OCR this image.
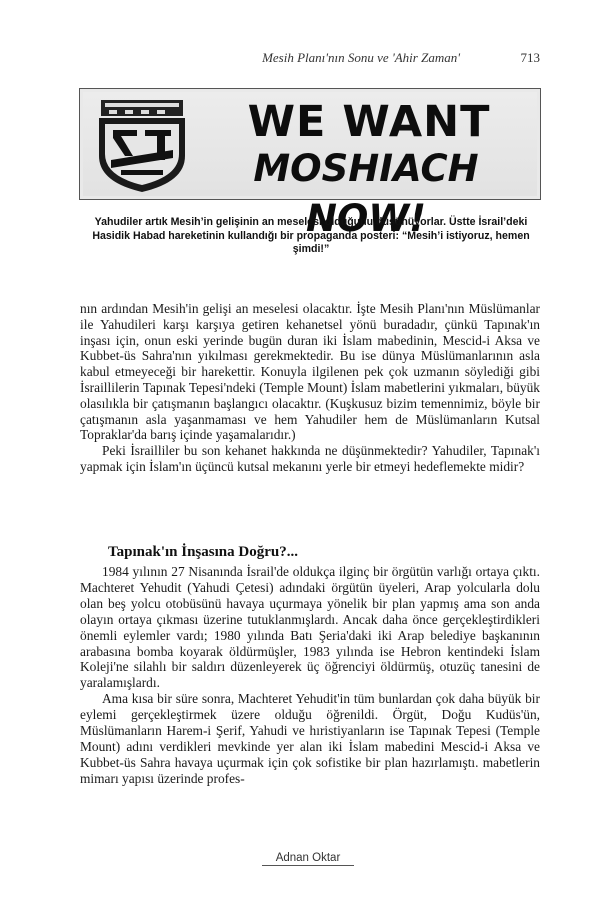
Mesih Planı'nın Sonu ve 'Ahir Zaman'	713
WE WANT
MOSHIACH NOW!
Yahudiler artık Mesih’in gelişinin an meselesi olduğunu düşünüyorlar. Üstte İsrail’deki Hasidik Habad hareketinin kullandığı bir propaganda posteri: “Mesih’i istiyoruz, hemen şimdi!”

nın ardından Mesih'in gelişi an meselesi olacaktır. İşte Mesih Planı'nın Müslümanlar ile Yahudileri karşı karşıya getiren kehanetsel yönü buradadır, çünkü Tapınak'ın inşası için, onun eski yerinde bugün duran iki İslam mabedinin, Mescid-i Aksa ve Kubbet-üs Sahra'nın yıkılması gerekmektedir. Bu ise dünya Müslümanlarının asla kabul etmeyeceği bir harekettir. Konuyla ilgilenen pek çok uzmanın söylediği gibi İsraillilerin Tapınak Tepesi'ndeki (Temple Mount) İslam mabetlerini yıkmaları, büyük olasılıkla bir çatışmanın başlangıcı olacaktır. (Kuşkusuz bizim temennimiz, böyle bir çatışmanın asla yaşanmaması ve hem Yahudiler hem de Müslümanların Kutsal Topraklar'da barış içinde yaşamalarıdır.)

Peki İsrailliler bu son kehanet hakkında ne düşünmektedir? Yahudiler, Tapınak'ı yapmak için İslam'ın üçüncü kutsal mekanını yerle bir etmeyi hedeflemekte midir?

Tapınak'ın İnşasına Doğru?...

1984 yılının 27 Nisanında İsrail'de oldukça ilginç bir örgütün varlığı ortaya çıktı. Machteret Yehudit (Yahudi Çetesi) adındaki örgütün üyeleri, Arap yolcularla dolu olan beş yolcu otobüsünü havaya uçurmaya yönelik bir plan yapmış ama son anda olayın ortaya çıkması üzerine tutuklanmışlardı. Ancak daha önce gerçekleştirdikleri önemli eylemler vardı; 1980 yılında Batı Şeria'daki iki Arap belediye başkanının arabasına bomba koyarak öldürmüşler, 1983 yılında ise Hebron kentindeki İslam Koleji'ne silahlı bir saldırı düzenleyerek üç öğrenciyi öldürmüş, otuzüç tanesini de yaralamışlardı.

Ama kısa bir süre sonra, Machteret Yehudit'in tüm bunlardan çok daha büyük bir eylemi gerçekleştirmek üzere olduğu öğrenildi. Örgüt, Doğu Kudüs'ün, Müslümanların Harem-i Şerif, Yahudi ve hıristiyanların ise Tapınak Tepesi (Temple Mount) adını verdikleri mevkinde yer alan iki İslam mabedini Mescid-i Aksa ve Kubbet-üs Sahra havaya uçurmak için çok sofistike bir plan hazırlamıştı. mabetlerin mimarı yapısı üzerinde profes-

Adnan Oktar
